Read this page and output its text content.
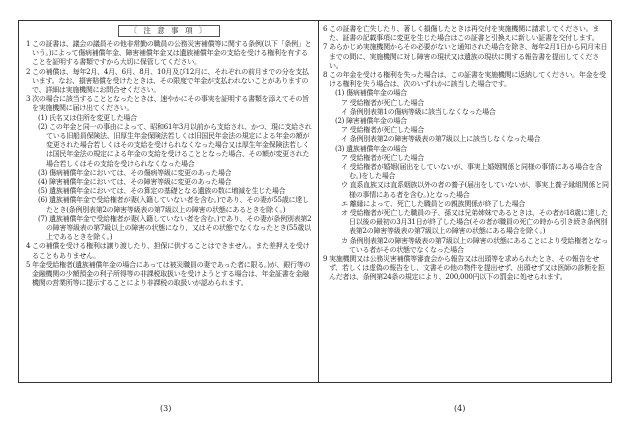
〔 注 意 事 項 〕

1 この証書は、議会の議員その他非常勤の職員の公務災害補償等に関する条例(以下「条例」という。)によって傷病補償年金、障害補償年金又は遺族補償年金の支給を受ける権利を有することを証明する書類ですから大切に保管してください。

2 この補償は、毎年2月、4月、6月、8月、10月及び12月に、それぞれの前月までの分を支払います。なお、損害賠償を受けたときは、その限度で年金が支払われないことがありますので、詳細は実施機関にお問合せください。

3 次の場合に該当することとなったときは、速やかにその事実を証明する書類を添えてその旨を実施機関に届け出てください。

(1) 氏名又は住所を変更した場合

(2) この年金と同一の事由によって、昭和61年3月以前から支給され、かつ、現に支給されている旧船員保険法、旧厚生年金保険法若しくは旧国民年金法の規定による年金の額が変更された場合若しくはその支給を受けられなくなった場合又は厚生年金保険法若しくは国民年金法の規定による年金の支給を受けることとなった場合、その額が変更された場合若しくはその支給を受けられなくなった場合

(3) 傷病補償年金においては、その傷病等級に変更のあった場合

(4) 障害補償年金においては、その障害等級に変更のあった場合

(5) 遺族補償年金においては、その算定の基礎となる遺族の数に増減を生じた場合

(6) 遺族補償年金で受給権者が妻(入籍していない者を含む。)であり、その妻が55歳に達したとき(条例別表第2の障害等級表の第7級以上の障害の状態にあるときを除く。)

(7) 遺族補償年金で受給権者が妻(入籍していない者を含む。)であり、その妻が条例別表第2の障害等級表の第7級以上の障害の状態になり、又はその状態でなくなったとき(55歳以上であるときを除く。)

4 この補償を受ける権利は譲り渡したり、担保に供することはできません。また差押えを受けることもありません。

5 年金受給権者(遺族補償年金の場合にあっては被災職員の妻であった者に限る。)が、銀行等の金融機関の少額預金の利子所得等の非課税取扱いを受けようとする場合は、年金証書を金融機関の営業所等に提示することにより非課税の取扱いが認められます。

6 この証書を亡失したり、著しく損傷したときは再交付を実施機関に請求してください。また、証書の記載事項に変更を生じた場合はこの証書と引換えに新しい証書を交付します。

7 あらかじめ実施機関からその必要がないと通知された場合を除き、毎年2月1日から同月末日までの間に、実施機関に対し障害の現状又は遺族の現状に関する報告書を提出してください。

8 この年金を受ける権利を失った場合は、この証書を実施機関に返納してください。年金を受ける権利を失う場合は、次のいずれかに該当した場合です。

(1) 傷病補償年金の場合

ア 受給権者が死亡した場合

イ 条例別表第1の傷病等級に該当しなくなった場合

(2) 障害補償年金の場合

ア 受給権者が死亡した場合

イ 条例別表第2の障害等級表の第7級以上に該当しなくなった場合

(3) 遺族補償年金の場合

ア 受給権者が死亡した場合

イ 受給権者が婚姻(届出をしていないが、事実上婚姻関係と同様の事情にある場合を含む。)をした場合

ウ 直系血族又は直系姻族以外の者の養子(届出をしていないが、事実上養子縁組関係と同様の事情にある者を含む。)となった場合

エ 離縁によって、死亡した職員との親族関係が終了した場合

オ 受給権者が死亡した職員の子、孫又は兄弟姉妹であるときは、その者が18歳に達した日以後の最初の3月31日が終了した場合(その者が職員の死亡の時から引き続き条例別表第2の障害等級表の第7級以上の障害の状態にある場合を除く。)

カ 条例別表第2の障害等級表の第7級以上の障害の状態にあることにより受給権者となっている者がその状態でなくなった場合

9 実施機関又は公務災害補償等審査会から報告又は出頭等を求められたとき、その報告をせず、若しくは虚偽の報告をし、文書その他の物件を提出せず、出頭せず又は医師の診断を拒んだ者は、条例第24条の規定により、200,000円以下の罰金に処せられます。

(3)	(4)
